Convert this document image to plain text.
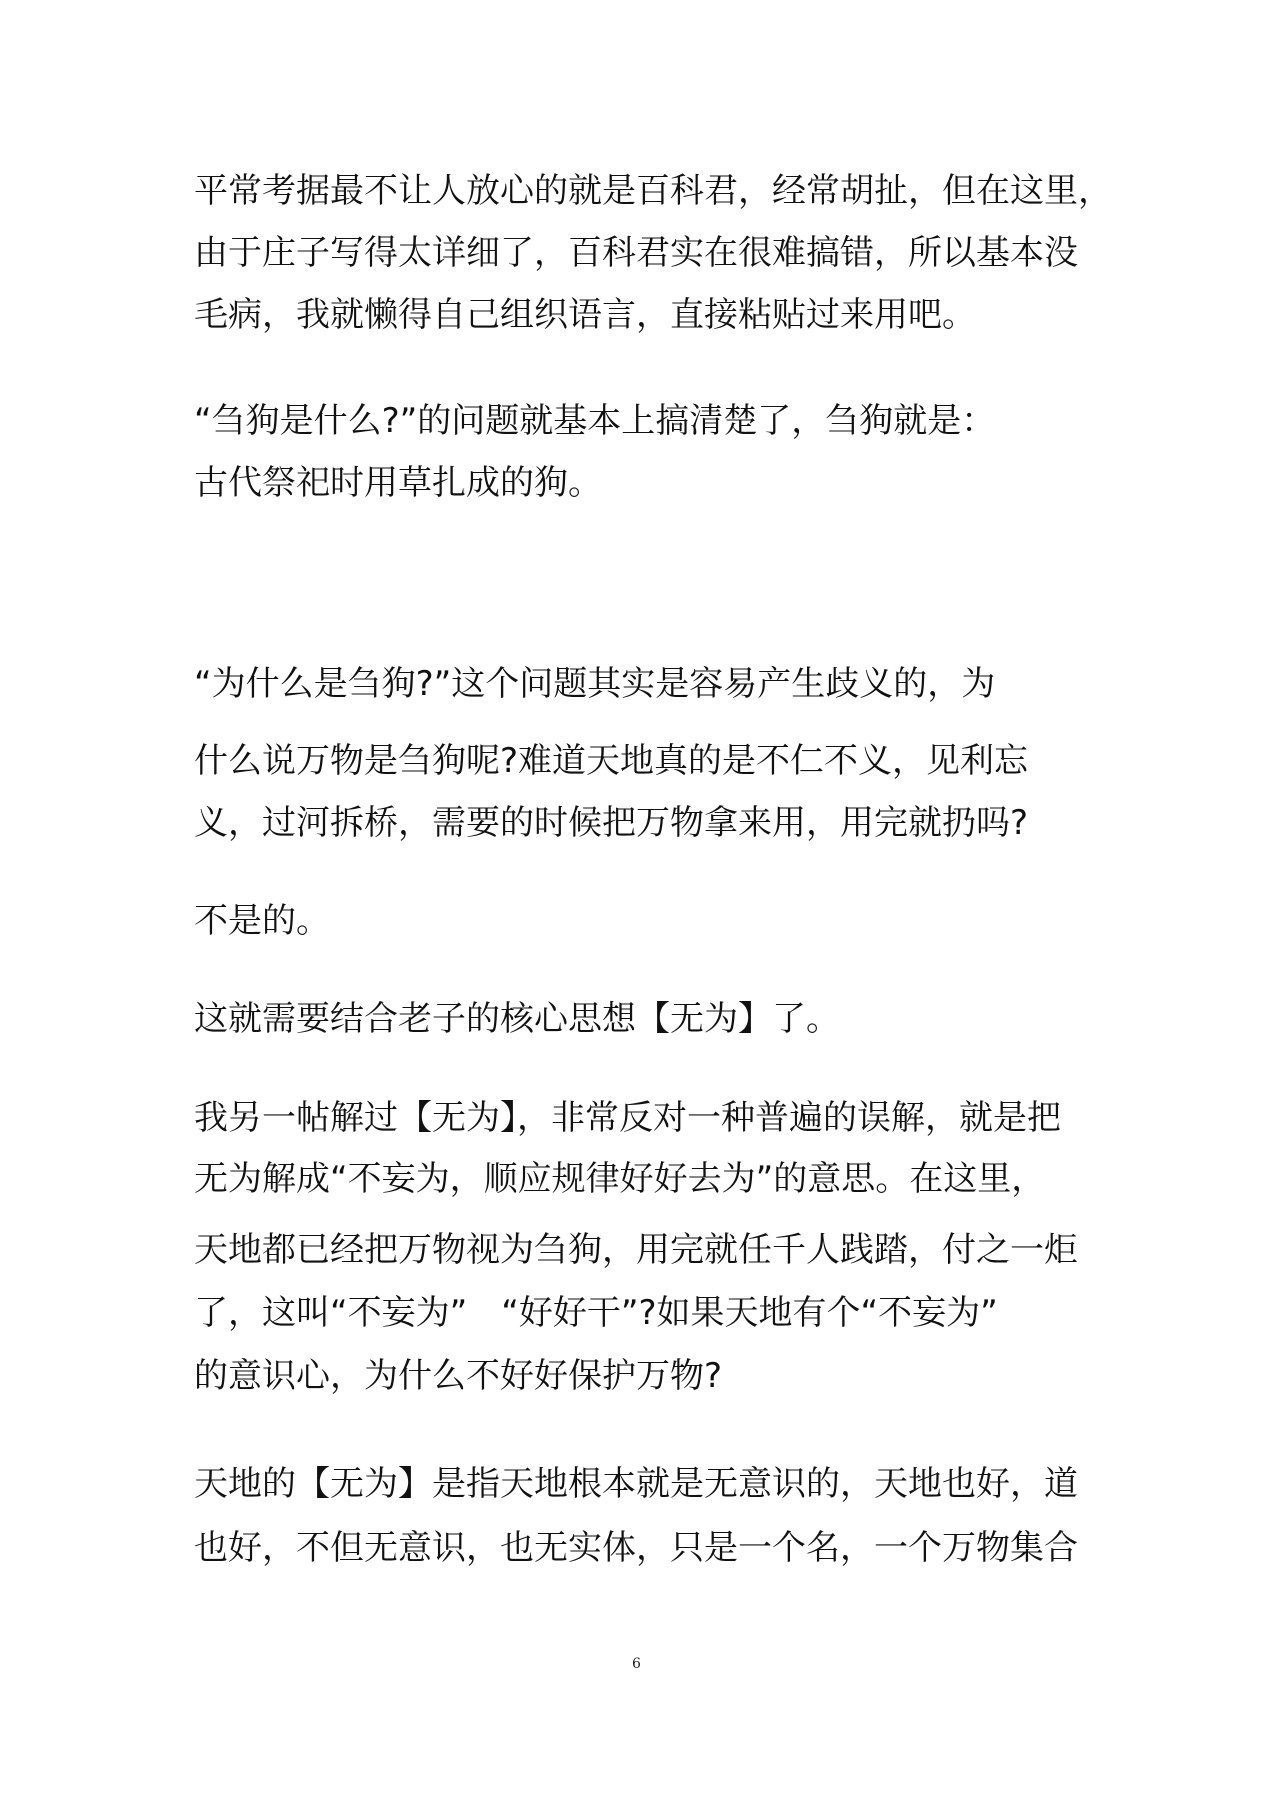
平常考据最不让人放心的就是百科君，经常胡扯，但在这里，
由于庄子写得太详细了，百科君实在很难搞错，所以基本没
毛病，我就懒得自己组织语言，直接粘贴过来用吧。
“刍狗是什么?”的问题就基本上搞清楚了，刍狗就是：
古代祭祀时用草扎成的狗。
“为什么是刍狗?”这个问题其实是容易产生歧义的，为
什么说万物是刍狗呢?难道天地真的是不仁不义，见利忘
义，过河拆桥，需要的时候把万物拿来用，用完就扔吗?
不是的。
这就需要结合老子的核心思想【无为】了。
我另一帖解过【无为】，非常反对一种普遍的误解，就是把
无为解成“不妄为，顺应规律好好去为”的意思。在这里，
天地都已经把万物视为刍狗，用完就任千人践踏，付之一炬
了，这叫“不妄为”　“好好干”?如果天地有个“不妄为”
的意识心，为什么不好好保护万物?
天地的【无为】是指天地根本就是无意识的，天地也好，道
也好，不但无意识，也无实体，只是一个名，一个万物集合
6
